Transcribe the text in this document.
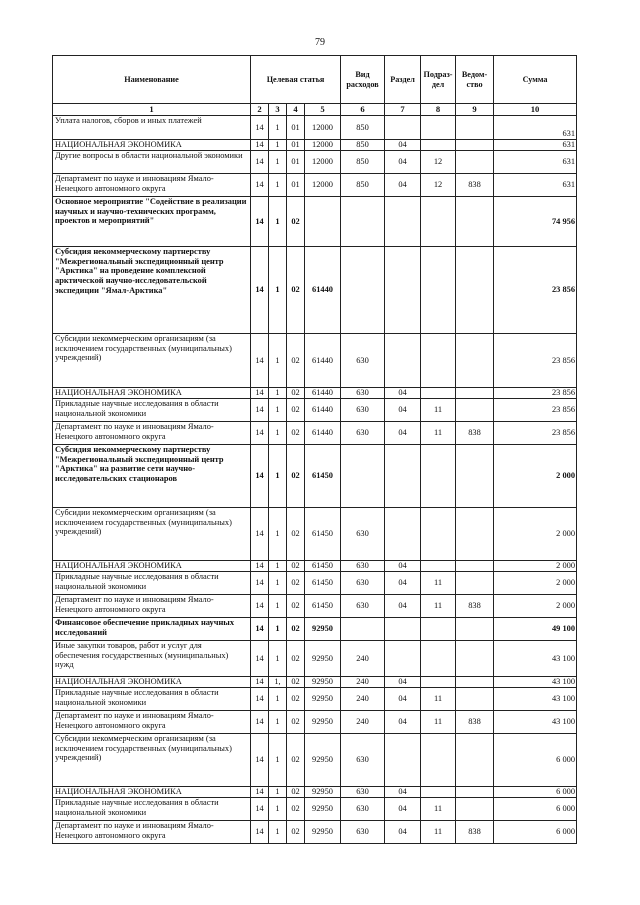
79
Наименование	Целевая статья				Вид расходов	Раздел	Подраз-дел	Ведом-ство	Сумма
1	2	3	4	5	6	7	8	9	10
Уплата налогов, сборов и иных платежей	14	1	01	12000	850				631
НАЦИОНАЛЬНАЯ ЭКОНОМИКА	14	1	01	12000	850	04			631
Другие вопросы в области национальной экономики	14	1	01	12000	850	04	12		631
Департамент по науке и инновациям Ямало-Ненецкого автономного округа	14	1	01	12000	850	04	12	838	631
Основное мероприятие "Содействие в реализации научных и научно-технических программ, проектов и мероприятий"	14	1	02						74 956
Субсидия некоммерческому партнерству "Межрегиональный экспедиционный центр "Арктика" на проведение комплексной арктической научно-исследовательской экспедиции "Ямал-Арктика"	14	1	02	61440					23 856
Субсидии некоммерческим организациям (за исключением государственных (муниципальных) учреждений)	14	1	02	61440	630				23 856
НАЦИОНАЛЬНАЯ ЭКОНОМИКА	14	1	02	61440	630	04			23 856
Прикладные научные исследования в области национальной экономики	14	1	02	61440	630	04	11		23 856
Департамент по науке и инновациям Ямало-Ненецкого автономного округа	14	1	02	61440	630	04	11	838	23 856
Субсидия некоммерческому партнерству "Межрегиональный экспедиционный центр "Арктика" на развитие сети научно-исследовательских стационаров	14	1	02	61450					2 000
Субсидии некоммерческим организациям (за исключением государственных (муниципальных) учреждений)	14	1	02	61450	630				2 000
НАЦИОНАЛЬНАЯ ЭКОНОМИКА	14	1	02	61450	630	04			2 000
Прикладные научные исследования в области национальной экономики	14	1	02	61450	630	04	11		2 000
Департамент по науке и инновациям Ямало-Ненецкого автономного округа	14	1	02	61450	630	04	11	838	2 000
Финансовое обеспечение прикладных научных исследований	14	1	02	92950					49 100
Иные закупки товаров, работ и услуг для обеспечения государственных (муниципальных) нужд	14	1	02	92950	240				43 100
НАЦИОНАЛЬНАЯ ЭКОНОМИКА	14	1,	02	92950	240	04			43 100
Прикладные научные исследования в области национальной экономики	14	1	02	92950	240	04	11		43 100
Департамент по науке и инновациям Ямало-Ненецкого автономного округа	14	1	02	92950	240	04	11	838	43 100
Субсидии некоммерческим организациям (за исключением государственных (муниципальных) учреждений)	14	1	02	92950	630				6 000
НАЦИОНАЛЬНАЯ ЭКОНОМИКА	14	1	02	92950	630	04			6 000
Прикладные научные исследования в области национальной экономики	14	1	02	92950	630	04	11		6 000
Департамент по науке и инновациям Ямало-Ненецкого автономного округа	14	1	02	92950	630	04	11	838	6 000
